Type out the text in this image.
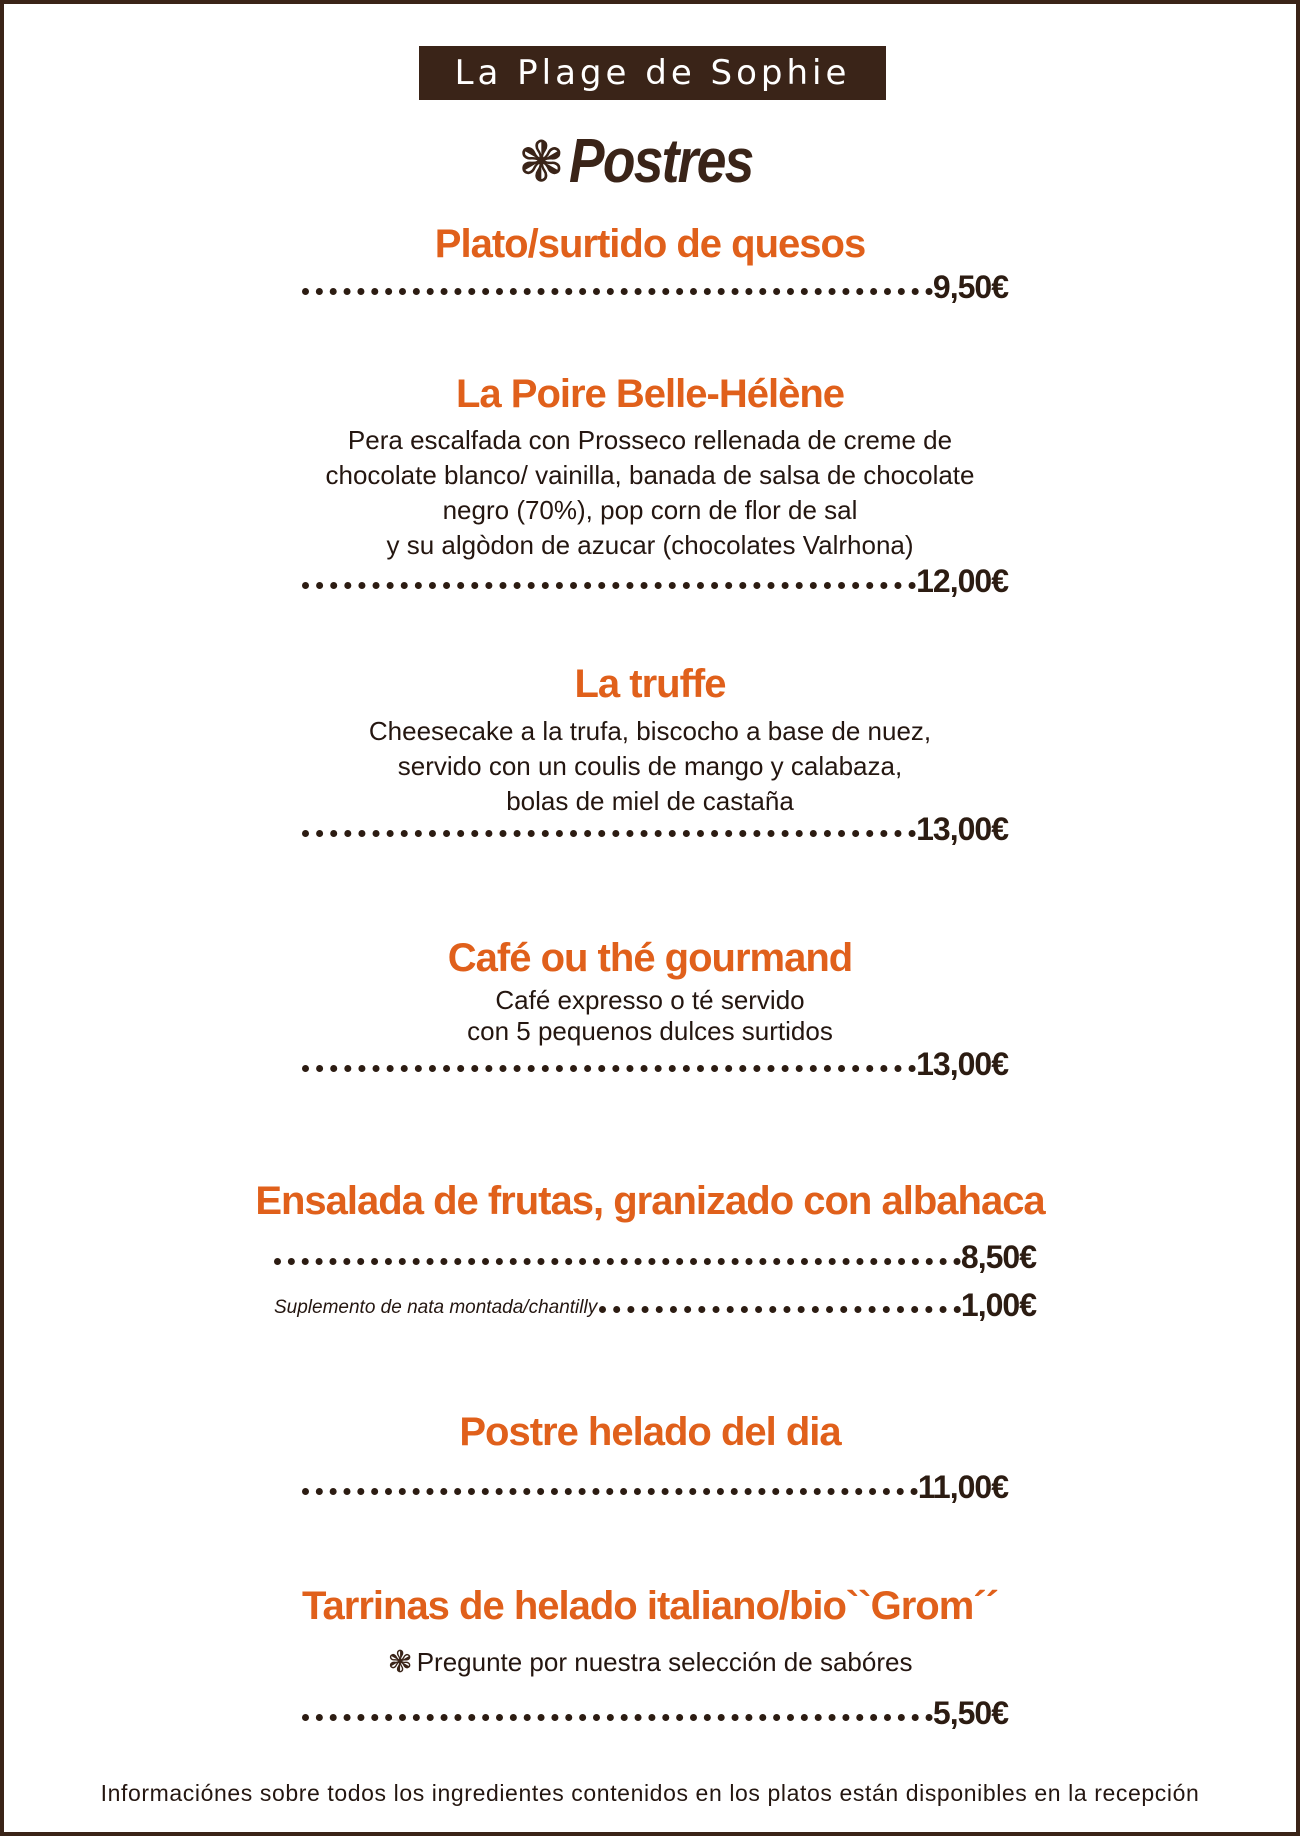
La Plage de Sophie
❃ Postres
Plato/surtido de quesos
9,50€
La Poire Belle-Hélène
Pera escalfada con Prosseco rellenada de creme de
chocolate blanco/ vainilla, banada de salsa de chocolate
negro (70%), pop corn de flor de sal
y su algòdon de azucar (chocolates Valrhona)
12,00€
La truffe
Cheesecake a la trufa, biscocho a base de nuez,
servido con un coulis de mango y calabaza,
bolas de miel de castaña
13,00€
Café ou thé gourmand
Café expresso o té servido
con 5 pequenos dulces surtidos
13,00€
Ensalada de frutas, granizado con albahaca
8,50€
Suplemento de nata montada/chantilly	1,00€
Postre helado del dia
11,00€
Tarrinas de helado italiano/bio``Grom´´
❃ Pregunte por nuestra selección de sabóres
5,50€
Informaciónes sobre todos los ingredientes contenidos en los platos están disponibles en la recepción
